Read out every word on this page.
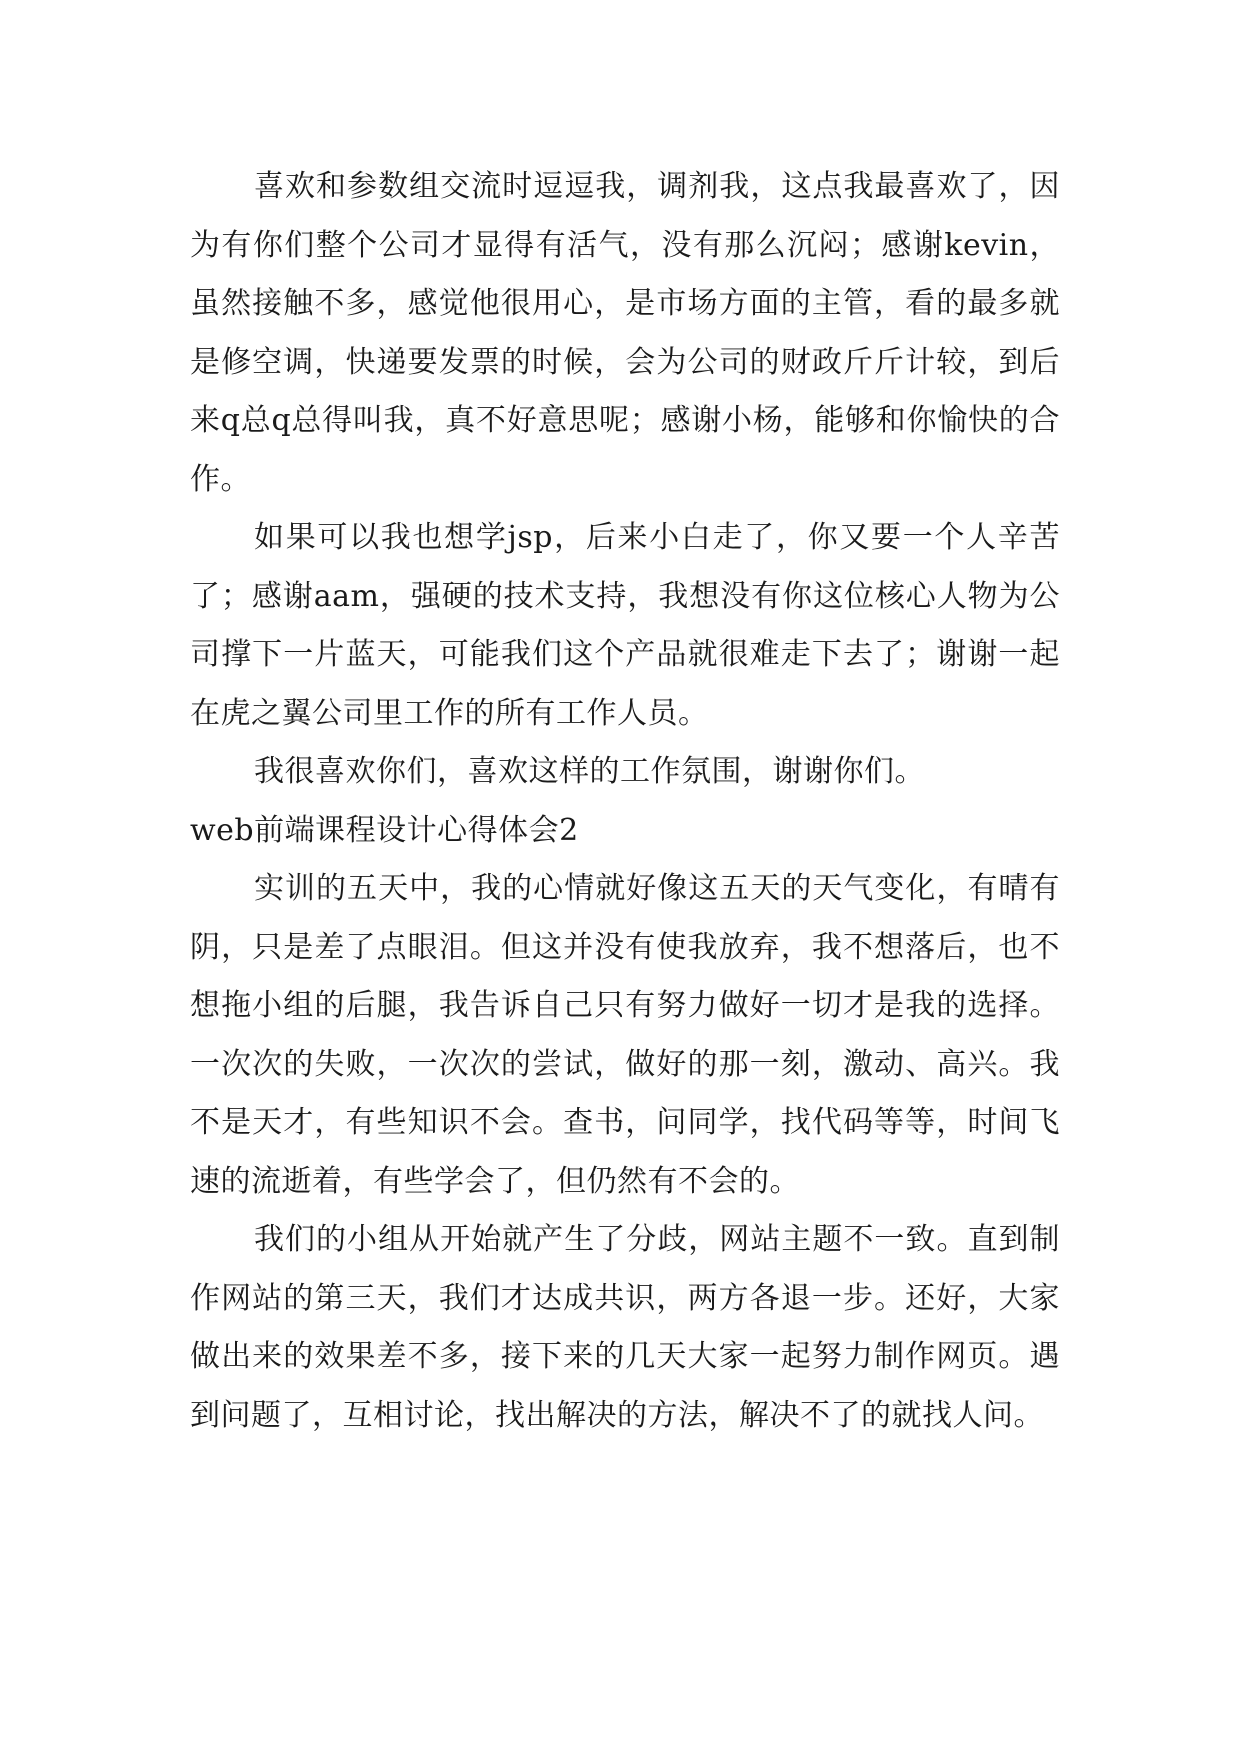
喜欢和参数组交流时逗逗我，调剂我，这点我最喜欢了，因为有你们整个公司才显得有活气，没有那么沉闷；感谢kevin，虽然接触不多，感觉他很用心，是市场方面的主管，看的最多就是修空调，快递要发票的时候，会为公司的财政斤斤计较，到后来q总q总得叫我，真不好意思呢；感谢小杨，能够和你愉快的合作。

如果可以我也想学jsp，后来小白走了，你又要一个人辛苦了；感谢aam，强硬的技术支持，我想没有你这位核心人物为公司撑下一片蓝天，可能我们这个产品就很难走下去了；谢谢一起在虎之翼公司里工作的所有工作人员。

我很喜欢你们，喜欢这样的工作氛围，谢谢你们。

web前端课程设计心得体会2

实训的五天中，我的心情就好像这五天的天气变化，有晴有阴，只是差了点眼泪。但这并没有使我放弃，我不想落后，也不想拖小组的后腿，我告诉自己只有努力做好一切才是我的选择。一次次的失败，一次次的尝试，做好的那一刻，激动、高兴。我不是天才，有些知识不会。查书，问同学，找代码等等，时间飞速的流逝着，有些学会了，但仍然有不会的。

我们的小组从开始就产生了分歧，网站主题不一致。直到制作网站的第三天，我们才达成共识，两方各退一步。还好，大家做出来的效果差不多，接下来的几天大家一起努力制作网页。遇到问题了，互相讨论，找出解决的方法，解决不了的就找人问。
